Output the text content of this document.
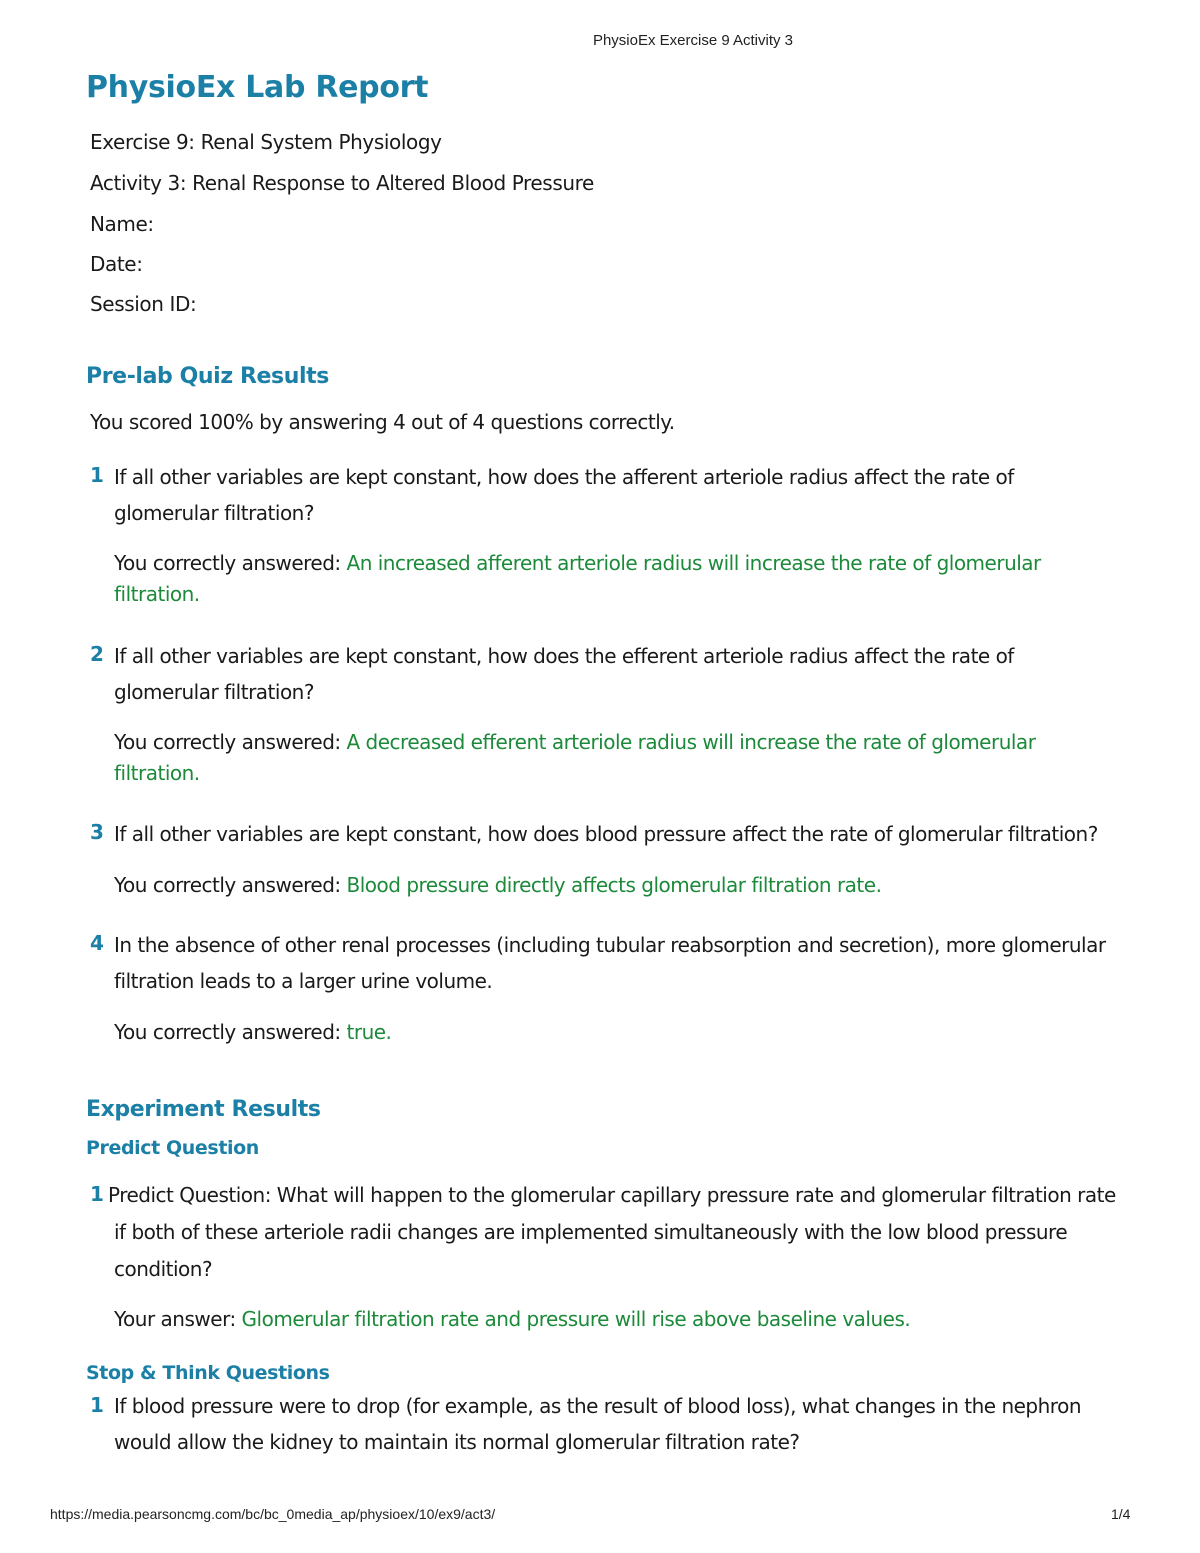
PhysioEx Exercise 9 Activity 3
PhysioEx Lab Report
Exercise 9: Renal System Physiology
Activity 3: Renal Response to Altered Blood Pressure
Name:
Date:
Session ID:
Pre-lab Quiz Results
You scored 100% by answering 4 out of 4 questions correctly.
1 If all other variables are kept constant, how does the afferent arteriole radius affect the rate of
glomerular filtration?
You correctly answered: An increased afferent arteriole radius will increase the rate of glomerular
filtration.
2 If all other variables are kept constant, how does the efferent arteriole radius affect the rate of
glomerular filtration?
You correctly answered: A decreased efferent arteriole radius will increase the rate of glomerular
filtration.
3 If all other variables are kept constant, how does blood pressure affect the rate of glomerular filtration?
You correctly answered: Blood pressure directly affects glomerular filtration rate.
4 In the absence of other renal processes (including tubular reabsorption and secretion), more glomerular
filtration leads to a larger urine volume.
You correctly answered: true.
Experiment Results
Predict Question
1 Predict Question: What will happen to the glomerular capillary pressure rate and glomerular filtration rate
if both of these arteriole radii changes are implemented simultaneously with the low blood pressure
condition?
Your answer: Glomerular filtration rate and pressure will rise above baseline values.
Stop & Think Questions
1 If blood pressure were to drop (for example, as the result of blood loss), what changes in the nephron
would allow the kidney to maintain its normal glomerular filtration rate?
https://media.pearsoncmg.com/bc/bc_0media_ap/physioex/10/ex9/act3/	1/4
